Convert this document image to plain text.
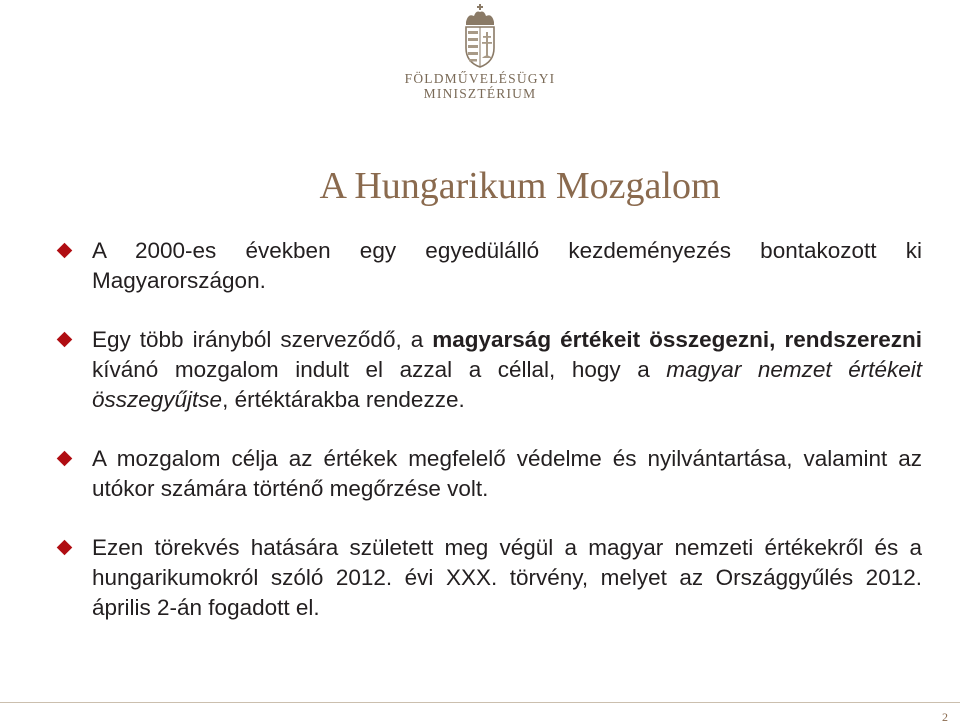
FÖLDMŰVELÉSÜGYI
MINISZTÉRIUM
A Hungarikum Mozgalom
A 2000-es években egy egyedülálló kezdeményezés bontakozott ki Magyarországon.
Egy több irányból szerveződő, a magyarság értékeit összegezni, rendszerezni kívánó mozgalom indult el azzal a céllal, hogy a magyar nemzet értékeit összegyűjtse, értéktárakba rendezze.
A mozgalom célja az értékek megfelelő védelme és nyilvántartása, valamint az utókor számára történő megőrzése volt.
Ezen törekvés hatására született meg végül a magyar nemzeti értékekről és a hungarikumokról szóló 2012. évi XXX. törvény, melyet az Országgyűlés 2012. április 2-án fogadott el.
2
